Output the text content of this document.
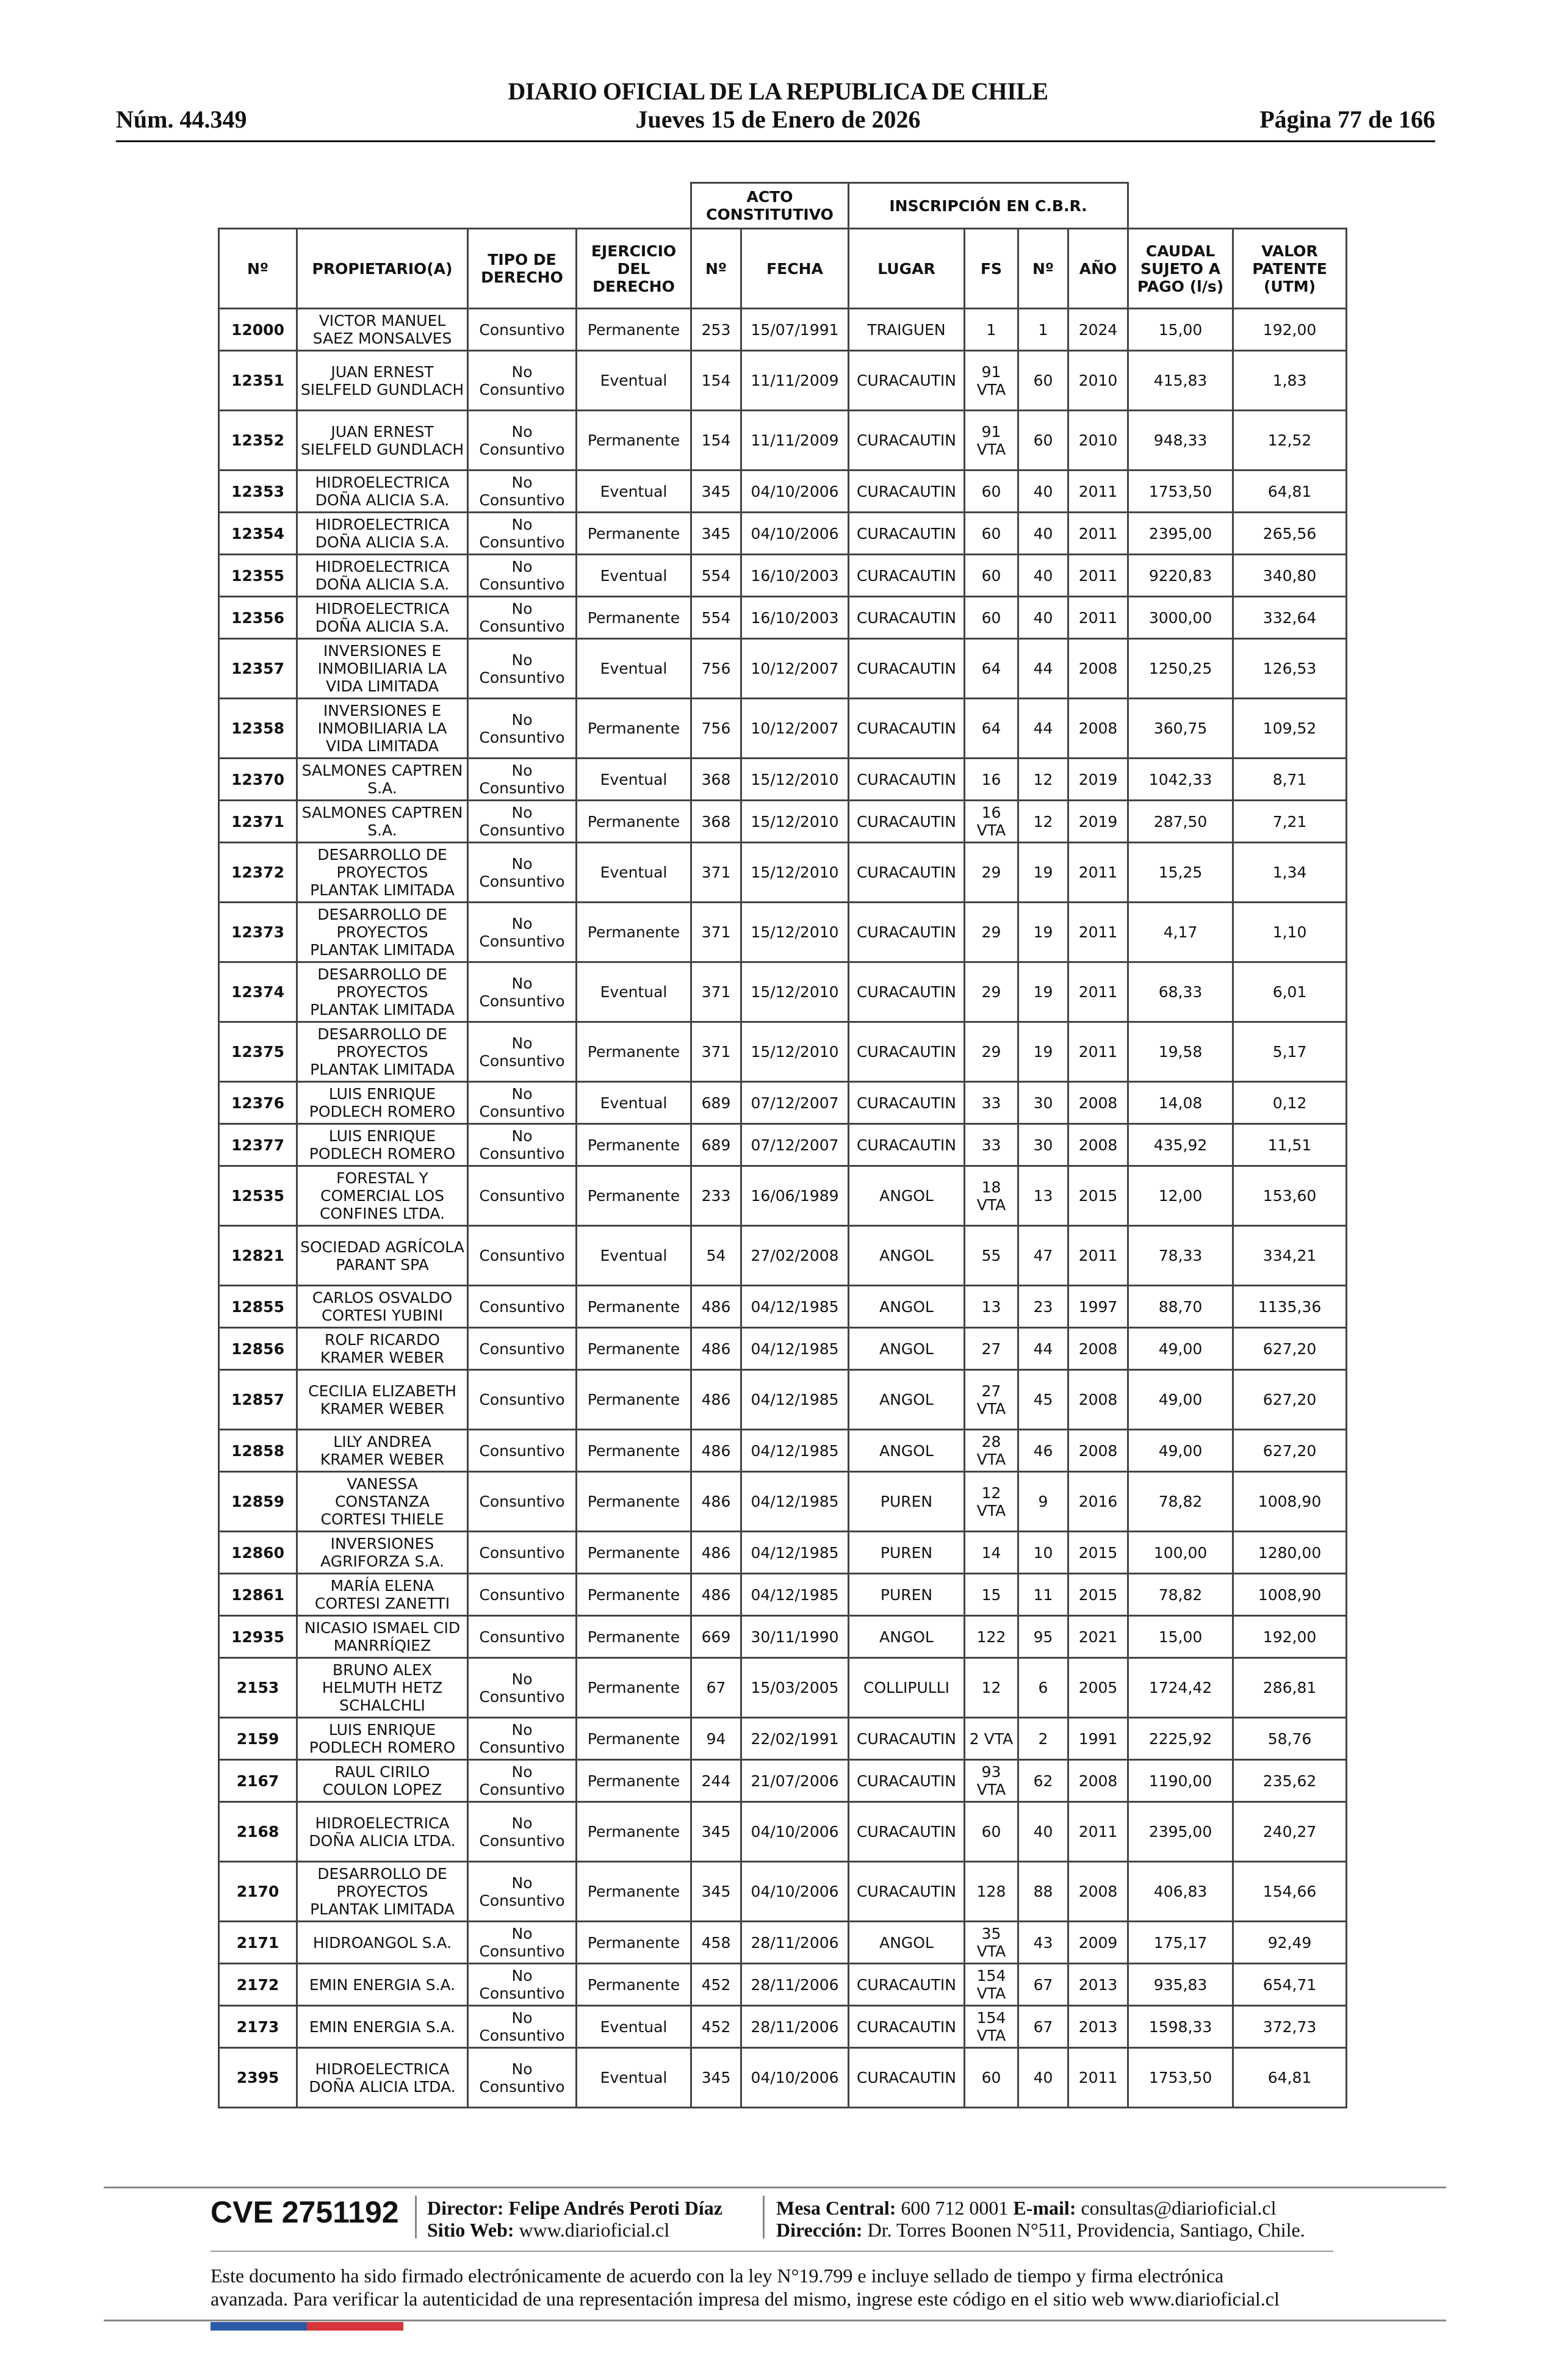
DIARIO OFICIAL DE LA REPUBLICA DE CHILE
Núm. 44.349	Jueves 15 de Enero de 2026	Página 77 de 166
				ACTO CONSTITUTIVO		INSCRIPCIÓN EN C.B.R.					
Nº	PROPIETARIO(A)	TIPO DE DERECHO	EJERCICIO DEL DERECHO	Nº	FECHA	LUGAR	FS	Nº	AÑO	CAUDAL SUJETO A PAGO (l/s)	VALOR PATENTE (UTM)
12000	VICTOR MANUEL SAEZ MONSALVES	Consuntivo	Permanente	253	15/07/1991	TRAIGUEN	1	1	2024	15,00	192,00
12351	JUAN ERNEST SIELFELD GUNDLACH	No Consuntivo	Eventual	154	11/11/2009	CURACAUTIN	91 VTA	60	2010	415,83	1,83
12352	JUAN ERNEST SIELFELD GUNDLACH	No Consuntivo	Permanente	154	11/11/2009	CURACAUTIN	91 VTA	60	2010	948,33	12,52
12353	HIDROELECTRICA DOÑA ALICIA S.A.	No Consuntivo	Eventual	345	04/10/2006	CURACAUTIN	60	40	2011	1753,50	64,81
12354	HIDROELECTRICA DOÑA ALICIA S.A.	No Consuntivo	Permanente	345	04/10/2006	CURACAUTIN	60	40	2011	2395,00	265,56
12355	HIDROELECTRICA DOÑA ALICIA S.A.	No Consuntivo	Eventual	554	16/10/2003	CURACAUTIN	60	40	2011	9220,83	340,80
12356	HIDROELECTRICA DOÑA ALICIA S.A.	No Consuntivo	Permanente	554	16/10/2003	CURACAUTIN	60	40	2011	3000,00	332,64
12357	INVERSIONES E INMOBILIARIA LA VIDA LIMITADA	No Consuntivo	Eventual	756	10/12/2007	CURACAUTIN	64	44	2008	1250,25	126,53
12358	INVERSIONES E INMOBILIARIA LA VIDA LIMITADA	No Consuntivo	Permanente	756	10/12/2007	CURACAUTIN	64	44	2008	360,75	109,52
12370	SALMONES CAPTREN S.A.	No Consuntivo	Eventual	368	15/12/2010	CURACAUTIN	16	12	2019	1042,33	8,71
12371	SALMONES CAPTREN S.A.	No Consuntivo	Permanente	368	15/12/2010	CURACAUTIN	16 VTA	12	2019	287,50	7,21
12372	DESARROLLO DE PROYECTOS PLANTAK LIMITADA	No Consuntivo	Eventual	371	15/12/2010	CURACAUTIN	29	19	2011	15,25	1,34
12373	DESARROLLO DE PROYECTOS PLANTAK LIMITADA	No Consuntivo	Permanente	371	15/12/2010	CURACAUTIN	29	19	2011	4,17	1,10
12374	DESARROLLO DE PROYECTOS PLANTAK LIMITADA	No Consuntivo	Eventual	371	15/12/2010	CURACAUTIN	29	19	2011	68,33	6,01
12375	DESARROLLO DE PROYECTOS PLANTAK LIMITADA	No Consuntivo	Permanente	371	15/12/2010	CURACAUTIN	29	19	2011	19,58	5,17
12376	LUIS ENRIQUE PODLECH ROMERO	No Consuntivo	Eventual	689	07/12/2007	CURACAUTIN	33	30	2008	14,08	0,12
12377	LUIS ENRIQUE PODLECH ROMERO	No Consuntivo	Permanente	689	07/12/2007	CURACAUTIN	33	30	2008	435,92	11,51
12535	FORESTAL Y COMERCIAL LOS CONFINES LTDA.	Consuntivo	Permanente	233	16/06/1989	ANGOL	18 VTA	13	2015	12,00	153,60
12821	SOCIEDAD AGRÍCOLA PARANT SPA	Consuntivo	Eventual	54	27/02/2008	ANGOL	55	47	2011	78,33	334,21
12855	CARLOS OSVALDO CORTESI YUBINI	Consuntivo	Permanente	486	04/12/1985	ANGOL	13	23	1997	88,70	1135,36
12856	ROLF RICARDO KRAMER WEBER	Consuntivo	Permanente	486	04/12/1985	ANGOL	27	44	2008	49,00	627,20
12857	CECILIA ELIZABETH KRAMER WEBER	Consuntivo	Permanente	486	04/12/1985	ANGOL	27 VTA	45	2008	49,00	627,20
12858	LILY ANDREA KRAMER WEBER	Consuntivo	Permanente	486	04/12/1985	ANGOL	28 VTA	46	2008	49,00	627,20
12859	VANESSA CONSTANZA CORTESI THIELE	Consuntivo	Permanente	486	04/12/1985	PUREN	12 VTA	9	2016	78,82	1008,90
12860	INVERSIONES AGRIFORZA S.A.	Consuntivo	Permanente	486	04/12/1985	PUREN	14	10	2015	100,00	1280,00
12861	MARÍA ELENA CORTESI ZANETTI	Consuntivo	Permanente	486	04/12/1985	PUREN	15	11	2015	78,82	1008,90
12935	NICASIO ISMAEL CID MANRRÍQIEZ	Consuntivo	Permanente	669	30/11/1990	ANGOL	122	95	2021	15,00	192,00
2153	BRUNO ALEX HELMUTH HETZ SCHALCHLI	No Consuntivo	Permanente	67	15/03/2005	COLLIPULLI	12	6	2005	1724,42	286,81
2159	LUIS ENRIQUE PODLECH ROMERO	No Consuntivo	Permanente	94	22/02/1991	CURACAUTIN	2 VTA	2	1991	2225,92	58,76
2167	RAUL CIRILO COULON LOPEZ	No Consuntivo	Permanente	244	21/07/2006	CURACAUTIN	93 VTA	62	2008	1190,00	235,62
2168	HIDROELECTRICA DOÑA ALICIA LTDA.	No Consuntivo	Permanente	345	04/10/2006	CURACAUTIN	60	40	2011	2395,00	240,27
2170	DESARROLLO DE PROYECTOS PLANTAK LIMITADA	No Consuntivo	Permanente	345	04/10/2006	CURACAUTIN	128	88	2008	406,83	154,66
2171	HIDROANGOL S.A.	No Consuntivo	Permanente	458	28/11/2006	ANGOL	35 VTA	43	2009	175,17	92,49
2172	EMIN ENERGIA S.A.	No Consuntivo	Permanente	452	28/11/2006	CURACAUTIN	154 VTA	67	2013	935,83	654,71
2173	EMIN ENERGIA S.A.	No Consuntivo	Eventual	452	28/11/2006	CURACAUTIN	154 VTA	67	2013	1598,33	372,73
2395	HIDROELECTRICA DOÑA ALICIA LTDA.	No Consuntivo	Eventual	345	04/10/2006	CURACAUTIN	60	40	2011	1753,50	64,81
CVE 2751192 Director: Felipe Andrés Peroti Díaz
Sitio Web: www.diarioficial.cl
Mesa Central: 600 712 0001 E-mail: consultas@diarioficial.cl
Dirección: Dr. Torres Boonen N°511, Providencia, Santiago, Chile.
Este documento ha sido firmado electrónicamente de acuerdo con la ley N°19.799 e incluye sellado de tiempo y firma electrónica
avanzada. Para verificar la autenticidad de una representación impresa del mismo, ingrese este código en el sitio web www.diarioficial.cl
